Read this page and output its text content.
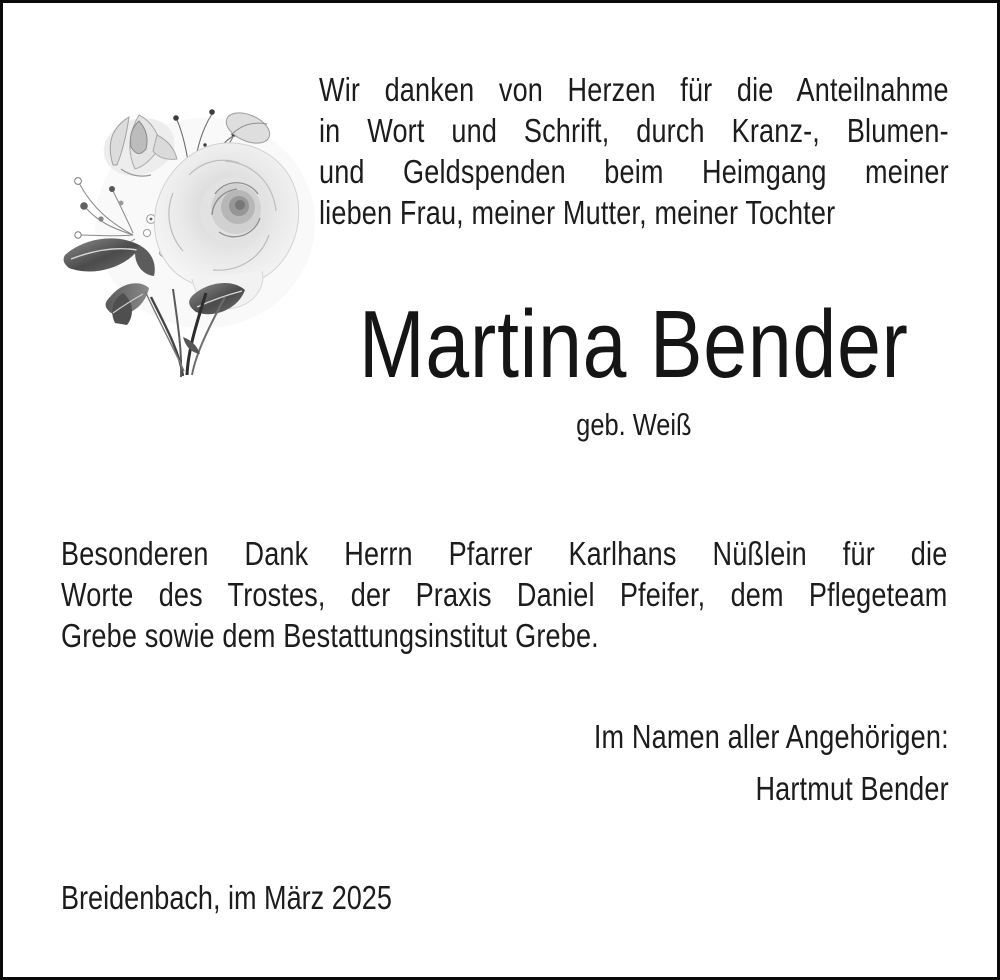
Wir danken von Herzen für die Anteilnahme
in Wort und Schrift, durch Kranz-, Blumen-
und Geldspenden beim Heimgang meiner
lieben Frau, meiner Mutter, meiner Tochter
Martina Bender
geb. Weiß
Besonderen Dank Herrn Pfarrer Karlhans Nüßlein für die
Worte des Trostes, der Praxis Daniel Pfeifer, dem Pflegeteam
Grebe sowie dem Bestattungsinstitut Grebe.
Im Namen aller Angehörigen:
Hartmut Bender
Breidenbach, im März 2025
